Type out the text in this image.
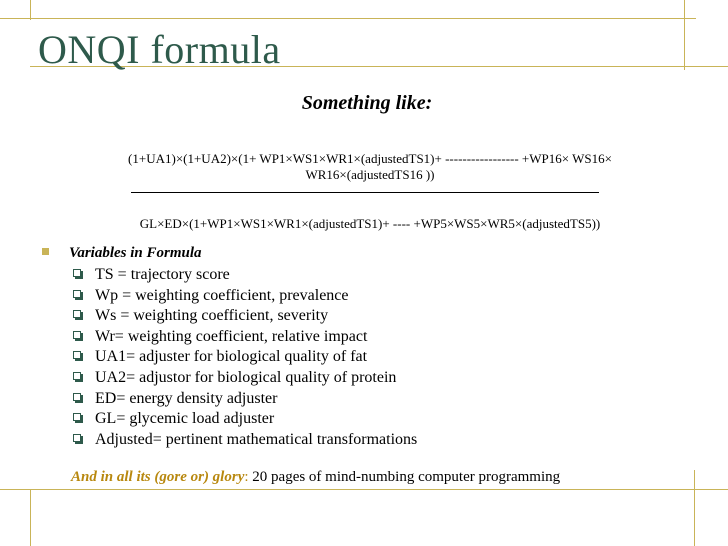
ONQI formula
Something like:
(1+UA1)×(1+UA2)×(1+ WP1×WS1×WR1×(adjustedTS1)+ ----------------- +WP16× WS16×
WR16×(adjustedTS16 ))
GL×ED×(1+WP1×WS1×WR1×(adjustedTS1)+ ---- +WP5×WS5×WR5×(adjustedTS5))
Variables in Formula
TS = trajectory score
Wp = weighting coefficient, prevalence
Ws = weighting coefficient, severity
Wr= weighting coefficient, relative impact
UA1= adjuster for biological quality of fat
UA2= adjustor for biological quality of protein
ED= energy density adjuster
GL= glycemic load adjuster
Adjusted= pertinent mathematical transformations
And in all its (gore or) glory: 20 pages of mind-numbing computer programming
